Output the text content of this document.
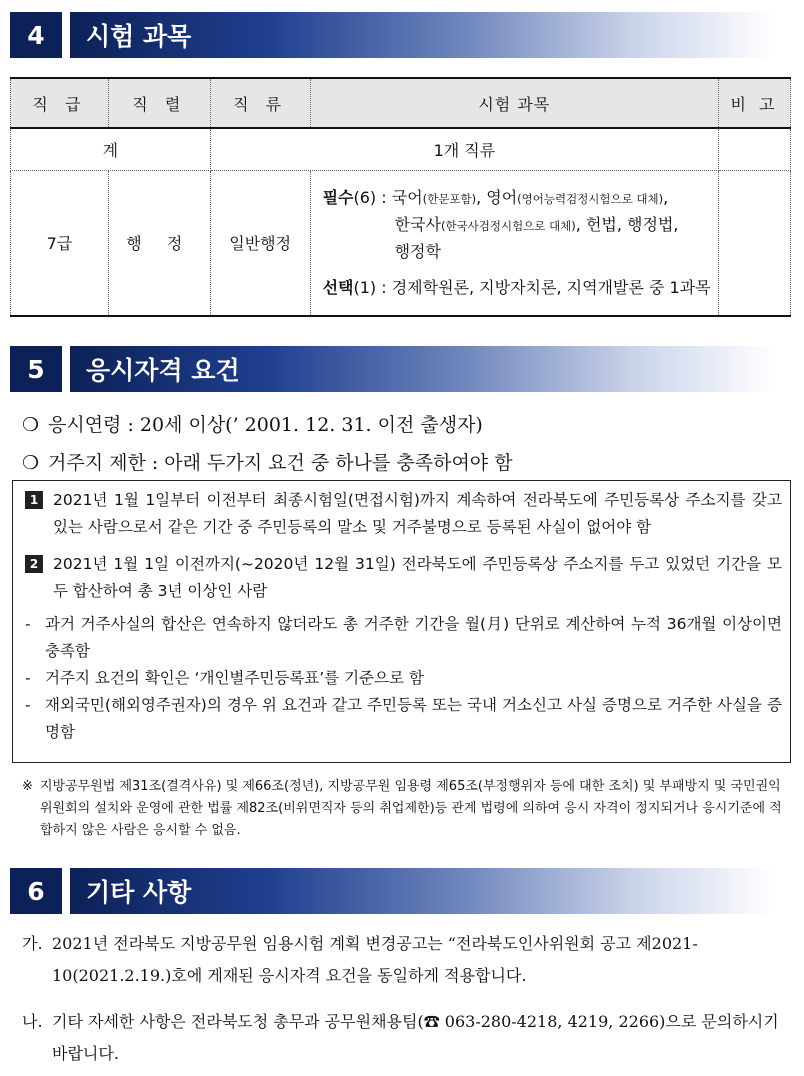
4	시험 과목
직 급	직 렬	직 류	시험 과목	비 고
계		1개 직류		
7급	행 정	일반행정	필수(6) : 국어(한문포함), 영어(영어능력검정시험으로 대체),
한국사(한국사검정시험으로 대체), 헌법, 행정법,
행정학
선택(1) : 경제학원론, 지방자치론, 지역개발론 중 1과목	

5	응시자격 요건
❍ 응시연령 : 20세 이상(’ 2001. 12. 31. 이전 출생자)
❍ 거주지 제한 : 아래 두가지 요건 중 하나를 충족하여야 함
1 2021년 1월 1일부터 이전부터 최종시험일(면접시험)까지 계속하여 전라북도에 주민등록상 주소지를 갖고 있는 사람으로서 같은 기간 중 주민등록의 말소 및 거주불명으로 등록된 사실이 없어야 함
2 2021년 1월 1일 이전까지(~2020년 12월 31일) 전라북도에 주민등록상 주소지를 두고 있었던 기간을 모두 합산하여 총 3년 이상인 사람
- 과거 거주사실의 합산은 연속하지 않더라도 총 거주한 기간을 월(月) 단위로 계산하여 누적 36개월 이상이면 충족함
- 거주지 요건의 확인은 ‘개인별주민등록표’를 기준으로 함
- 재외국민(해외영주권자)의 경우 위 요건과 같고 주민등록 또는 국내 거소신고 사실 증명으로 거주한 사실을 증명함
※ 지방공무원법 제31조(결격사유) 및 제66조(정년), 지방공무원 임용령 제65조(부정행위자 등에 대한 조치) 및 부패방지 및 국민권익위원회의 설치와 운영에 관한 법률 제82조(비위면직자 등의 취업제한)등 관계 법령에 의하여 응시 자격이 정지되거나 응시기준에 적합하지 않은 사람은 응시할 수 없음.
6	기타 사항
가. 2021년 전라북도 지방공무원 임용시험 계획 변경공고는 “전라북도인사위원회 공고 제2021-10(2021.2.19.)호에 게재된 응시자격 요건을 동일하게 적용합니다.
나. 기타 자세한 사항은 전라북도청 총무과 공무원채용팀(☎ 063-280-4218, 4219, 2266)으로 문의하시기 바랍니다.
